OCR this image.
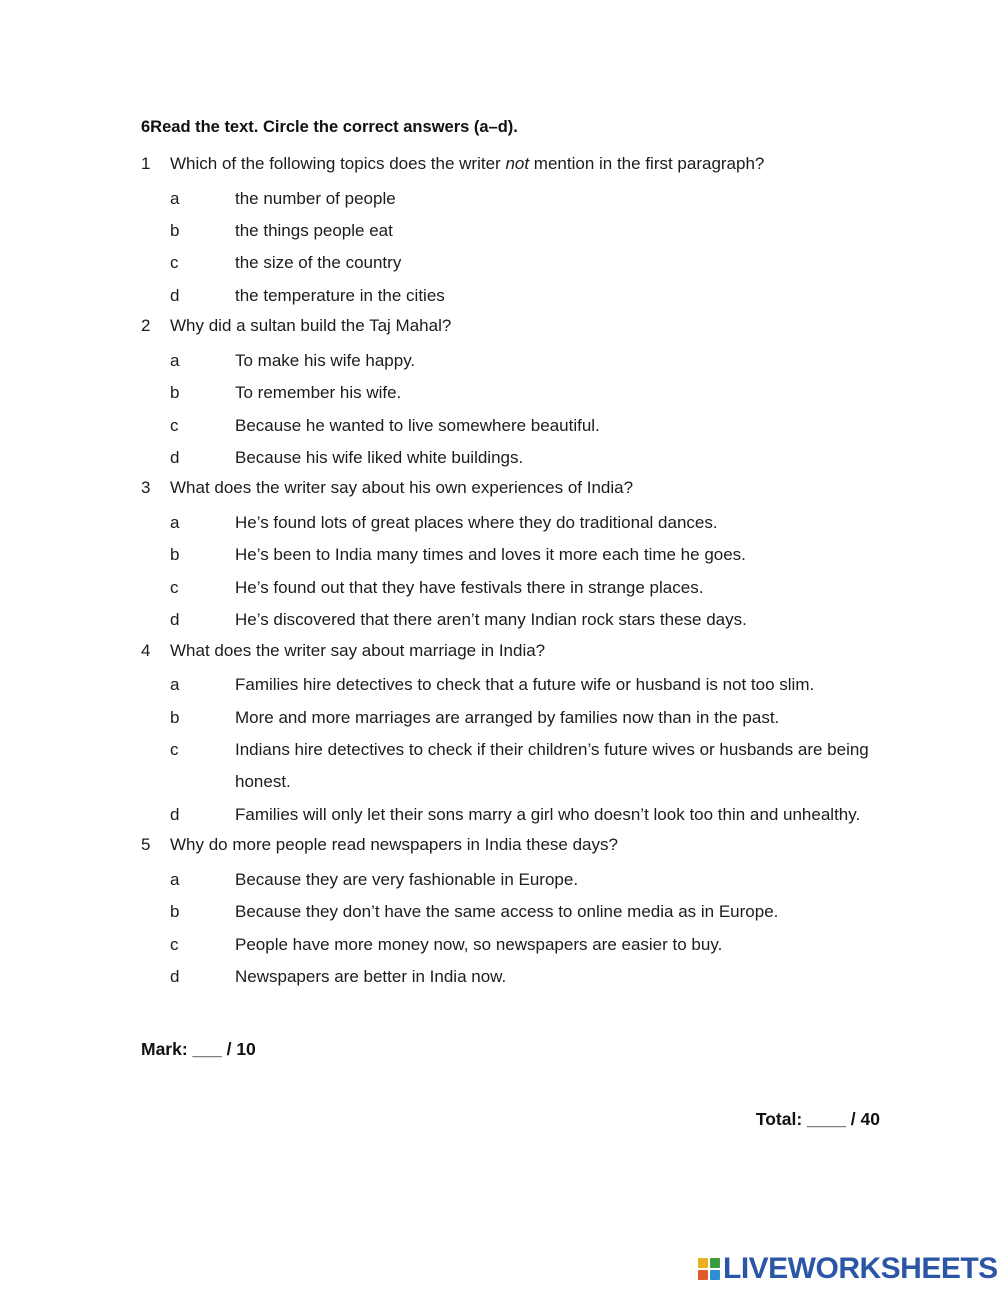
6Read the text. Circle the correct answers (a–d).
1	Which of the following topics does the writer not mention in the first paragraph?
a	the number of people
b	the things people eat
c	the size of the country
d	the temperature in the cities
2	Why did a sultan build the Taj Mahal?
a	To make his wife happy.
b	To remember his wife.
c	Because he wanted to live somewhere beautiful.
d	Because his wife liked white buildings.
3	What does the writer say about his own experiences of India?
a	He’s found lots of great places where they do traditional dances.
b	He’s been to India many times and loves it more each time he goes.
c	He’s found out that they have festivals there in strange places.
d	He’s discovered that there aren’t many Indian rock stars these days.
4	What does the writer say about marriage in India?
a	Families hire detectives to check that a future wife or husband is not too slim.
b	More and more marriages are arranged by families now than in the past.
c	Indians hire detectives to check if their children’s future wives or husbands are being honest.
d	Families will only let their sons marry a girl who doesn’t look too thin and unhealthy.
5	Why do more people read newspapers in India these days?
a	Because they are very fashionable in Europe.
b	Because they don’t have the same access to online media as in Europe.
c	People have more money now, so newspapers are easier to buy.
d	Newspapers are better in India now.
Mark: ___ / 10
Total: ____ / 40
LIVEWORKSHEETS
